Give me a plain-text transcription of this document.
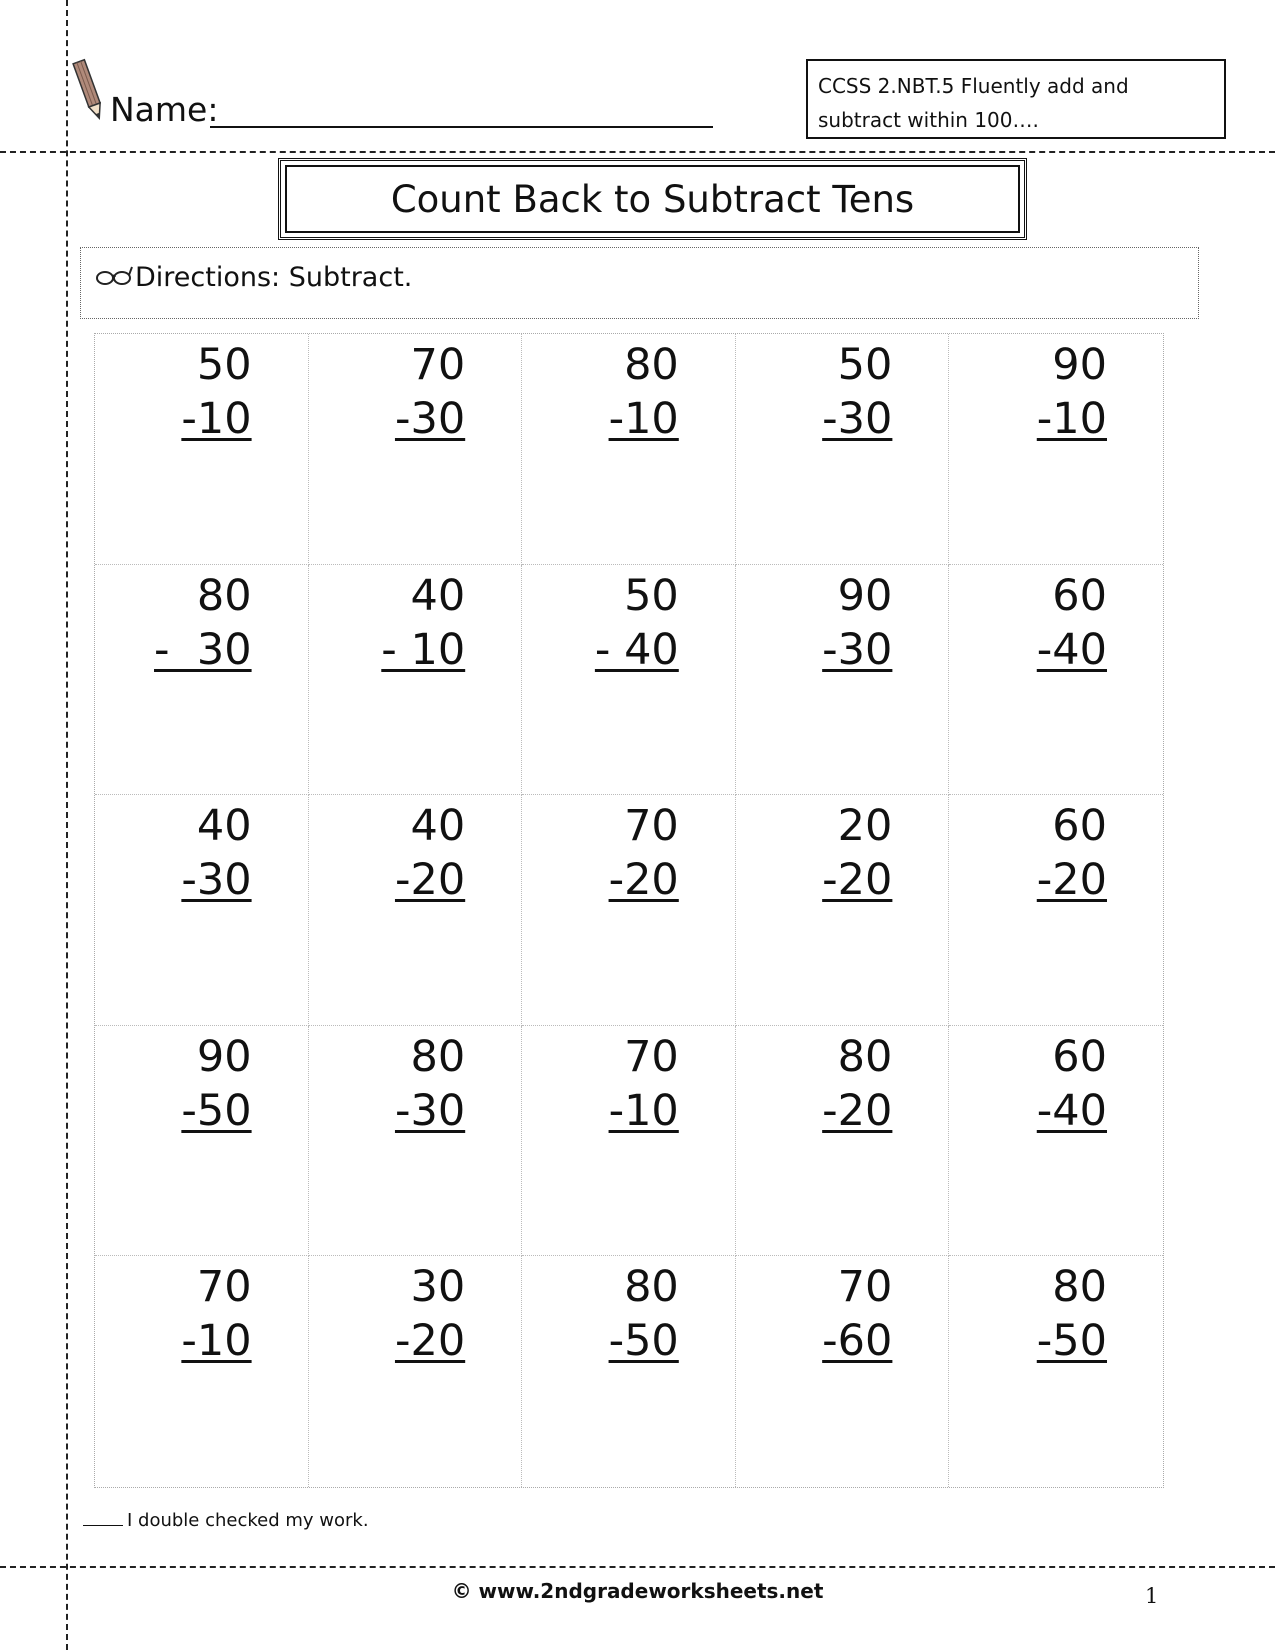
Name:
CCSS 2.NBT.5 Fluently add and
subtract within 100….
Count Back to Subtract Tens
Directions: Subtract.
50
-10
70
-30
80
-10
50
-30
90
-10
80
-  30
40
- 10
50
- 40
90
-30
60
-40
40
-30
40
-20
70
-20
20
-20
60
-20
90
-50
80
-30
70
-10
80
-20
60
-40
70
-10
30
-20
80
-50
70
-60
80
-50
I double checked my work.
© www.2ndgradeworksheets.net	1
